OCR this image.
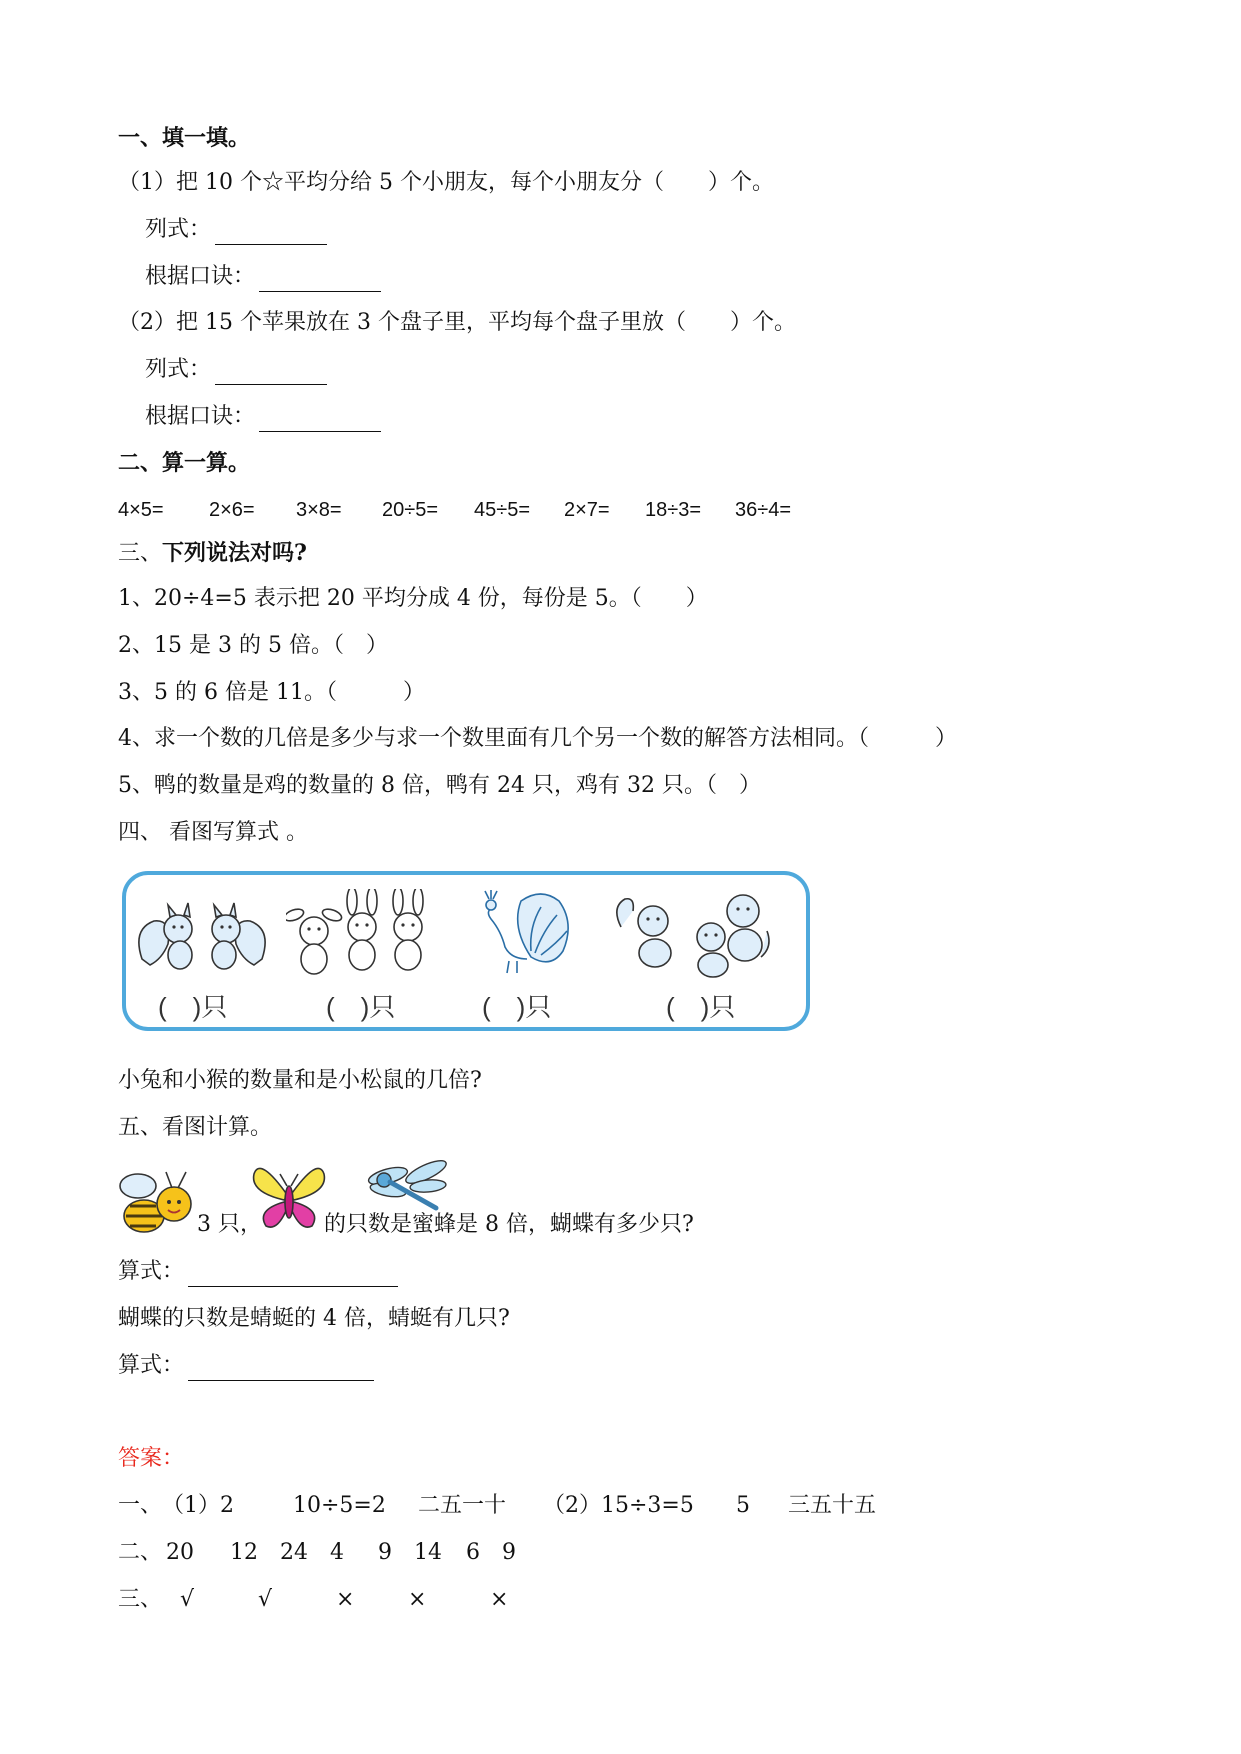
一、填一填。
（1）把 10 个☆平均分给 5 个小朋友，每个小朋友分（　　）个。
列式：
根据口诀：
（2）把 15 个苹果放在 3 个盘子里，平均每个盘子里放（　　）个。
列式：
根据口诀：
二、算一算。
4×5= 2×6= 3×8= 20÷5= 45÷5= 2×7= 18÷3= 36÷4=
三、下列说法对吗?
1、20÷4=5 表示把 20 平均分成 4 份，每份是 5。（　　）
2、15 是 3 的 5 倍。（　）
3、5 的 6 倍是 11。（　　　）
4、求一个数的几倍是多少与求一个数里面有几个另一个数的解答方法相同。（　　　）
5、鸭的数量是鸡的数量的 8 倍，鸭有 24 只，鸡有 32 只。（　）
四、 看图写算式 。
(　)只	(　)只	(　)只	(　)只
小兔和小猴的数量和是小松鼠的几倍?
五、看图计算。
3 只，	的只数是蜜蜂是 8 倍，蝴蝶有多少只?
算式：
蝴蝶的只数是蜻蜓的 4 倍，蜻蜓有几只?
算式：
答案：
一、 （1）2	10÷5=2 二五一十 （2）15÷3=5 5 三五十五
二、 20 12 24 4 9 14 6 9
三、 √	√	× ×	×
